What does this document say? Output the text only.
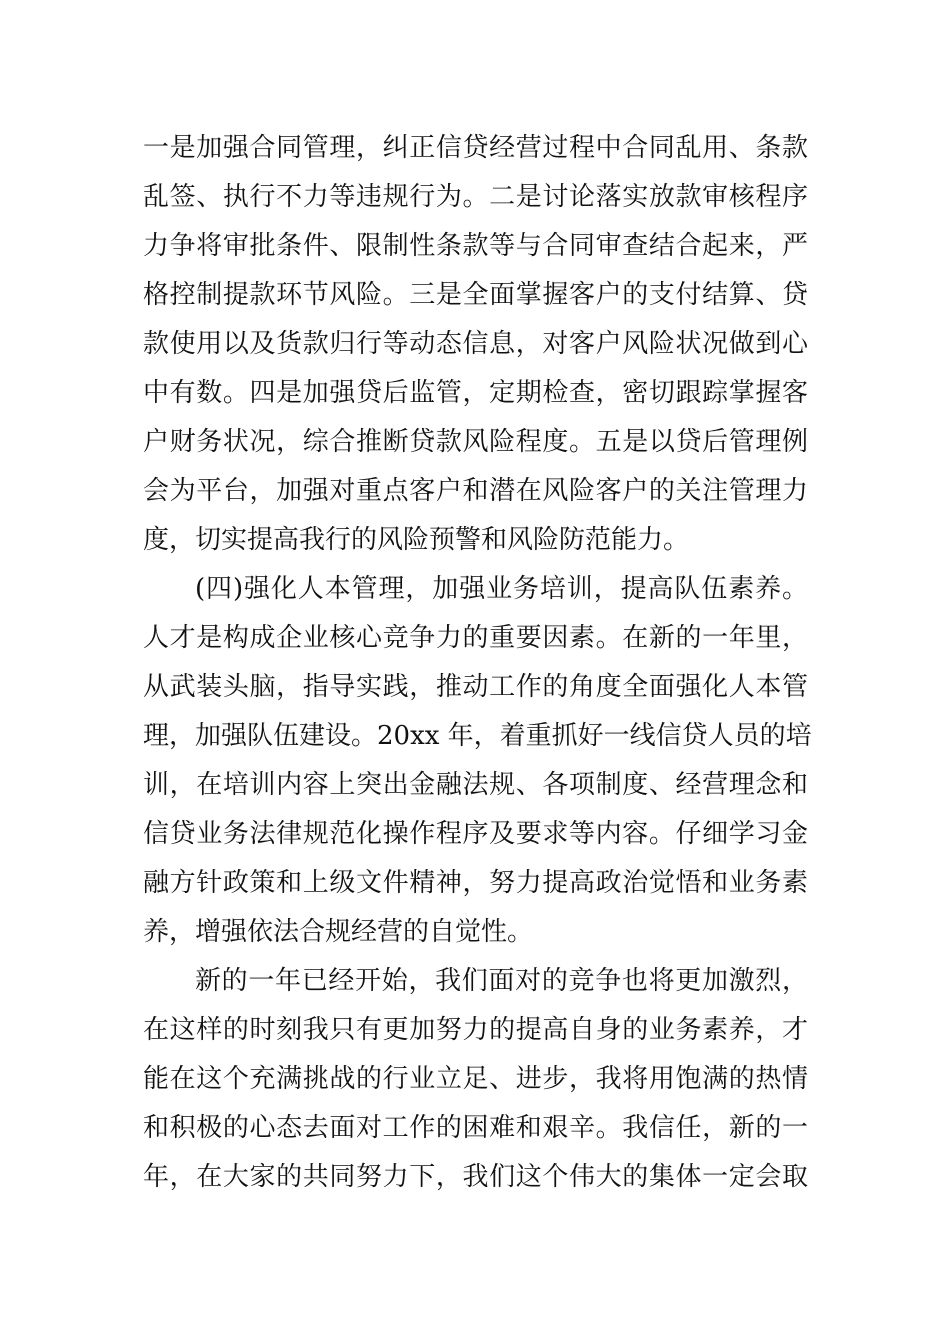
一是加强合同管理，纠正信贷经营过程中合同乱用、条款
乱签、执行不力等违规行为。二是讨论落实放款审核程序
力争将审批条件、限制性条款等与合同审查结合起来，严
格控制提款环节风险。三是全面掌握客户的支付结算、贷
款使用以及货款归行等动态信息，对客户风险状况做到心
中有数。四是加强贷后监管，定期检查，密切跟踪掌握客
户财务状况，综合推断贷款风险程度。五是以贷后管理例
会为平台，加强对重点客户和潜在风险客户的关注管理力
度，切实提高我行的风险预警和风险防范能力。
(四)强化人本管理，加强业务培训，提高队伍素养。
人才是构成企业核心竞争力的重要因素。在新的一年里，
从武装头脑，指导实践，推动工作的角度全面强化人本管
理，加强队伍建设。20xx 年，着重抓好一线信贷人员的培
训，在培训内容上突出金融法规、各项制度、经营理念和
信贷业务法律规范化操作程序及要求等内容。仔细学习金
融方针政策和上级文件精神，努力提高政治觉悟和业务素
养，增强依法合规经营的自觉性。
新的一年已经开始，我们面对的竞争也将更加激烈，
在这样的时刻我只有更加努力的提高自身的业务素养，才
能在这个充满挑战的行业立足、进步，我将用饱满的热情
和积极的心态去面对工作的困难和艰辛。我信任，新的一
年，在大家的共同努力下，我们这个伟大的集体一定会取
